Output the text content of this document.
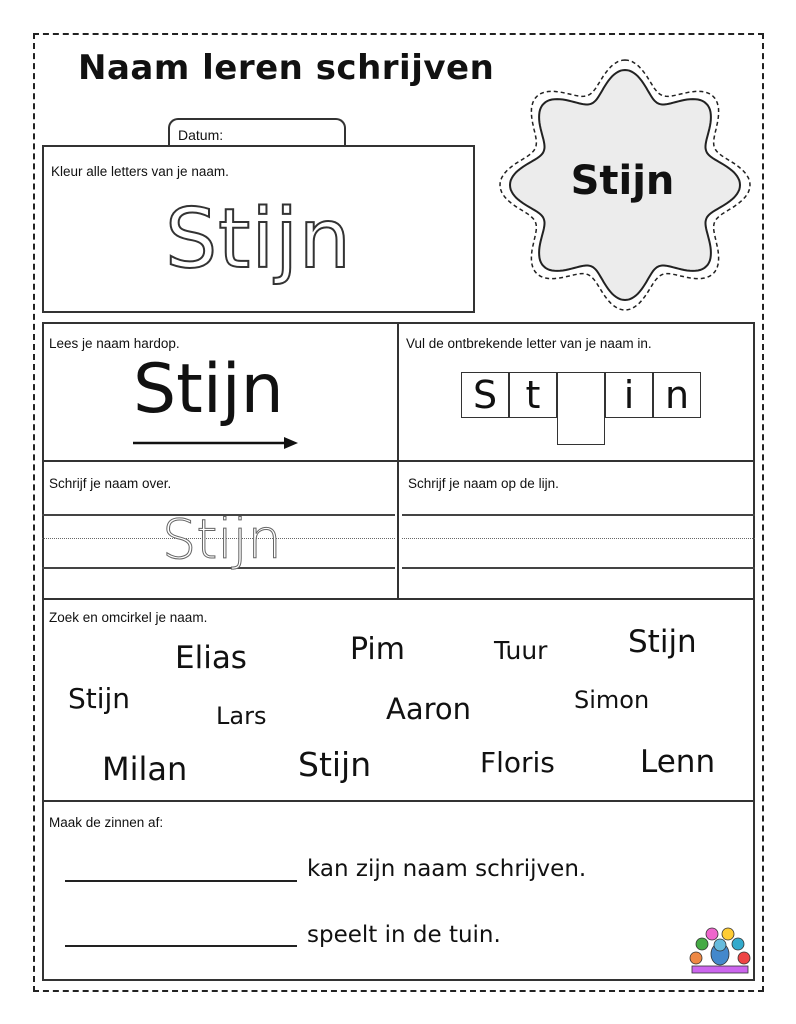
Naam leren schrijven
Datum:
Kleur alle letters van je naam.
Stijn
Stijn
Lees je naam hardop.
Stijn
Vul de ontbrekende letter van je naam in.
S t	i n
Schrijf je naam over.	Schrijf je naam op de lijn.
Stijn
Zoek en omcirkel je naam.
Elias	Pim	Tuur	Stijn
Stijn
Lars	Aaron	Simon
Milan	Stijn	Floris	Lenn
Maak de zinnen af:
kan zijn naam schrijven.
speelt in de tuin.
